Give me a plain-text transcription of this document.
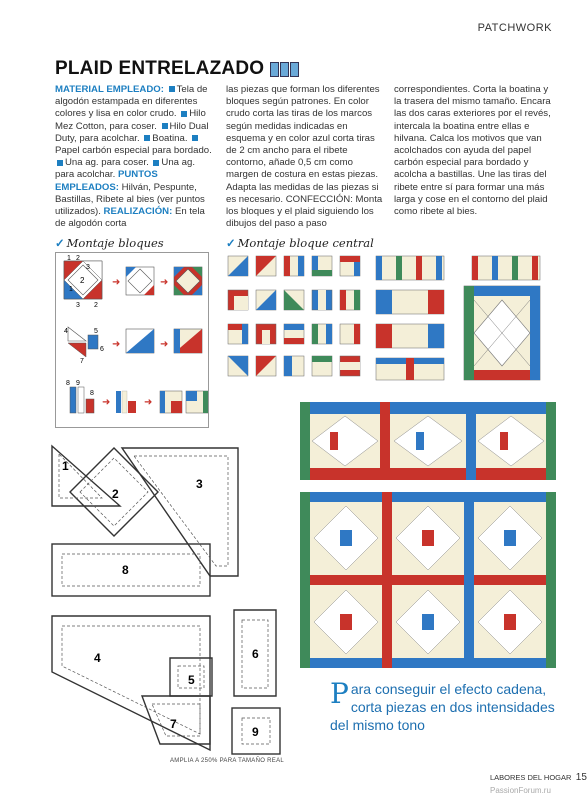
PATCHWORK
PLAID ENTRELAZADO

MATERIAL EMPLEADO: Tela de algodón estampada en diferentes colores y lisa en color crudo. Hilo Mez Cotton, para coser. Hilo Dual Duty, para acolchar. Boatina. Papel carbón especial para bordado. Una ag. para coser. Una ag. para acolchar. PUNTOS EMPLEADOS: Hilván, Pespunte, Bastillas, Ribete al bies (ver puntos utilizados). REALIZACIÓN: En tela de algodón corta

las piezas que forman los diferentes bloques según patrones. En color crudo corta las tiras de los marcos según medidas indicadas en esquema y en color azul corta tiras de 2 cm ancho para el ribete contorno, añade 0,5 cm como margen de costura en estas piezas. Adapta las medidas de las piezas si es necesario. CONFECCIÓN: Monta los bloques y el plaid siguiendo los dibujos del paso a paso

correspondientes. Corta la boatina y la trasera del mismo tamaño. Encara las dos caras exteriores por el revés, intercala la boatina entre ellas e hilvana. Calca los motivos que van acolchados con ayuda del papel carbón especial para bordado y acolcha a bastillas. Une las tiras del ribete entre sí para formar una más larga y cose en el contorno del plaid como ribete al bies.

✓ Montaje bloques	✓ Montaje bloque central
1 2
3
2
1
3 2
➜	➜
4	5
6
7
➜	➜
8 9
8
➜	➜
1
2
3
8
4
5
6
7
9
Para conseguir el efecto cadena, corta piezas en dos intensidades del mismo tono
AMPLIA A 250% PARA TAMAÑO REAL
LABORES DEL HOGAR 15
PassionForum.ru
